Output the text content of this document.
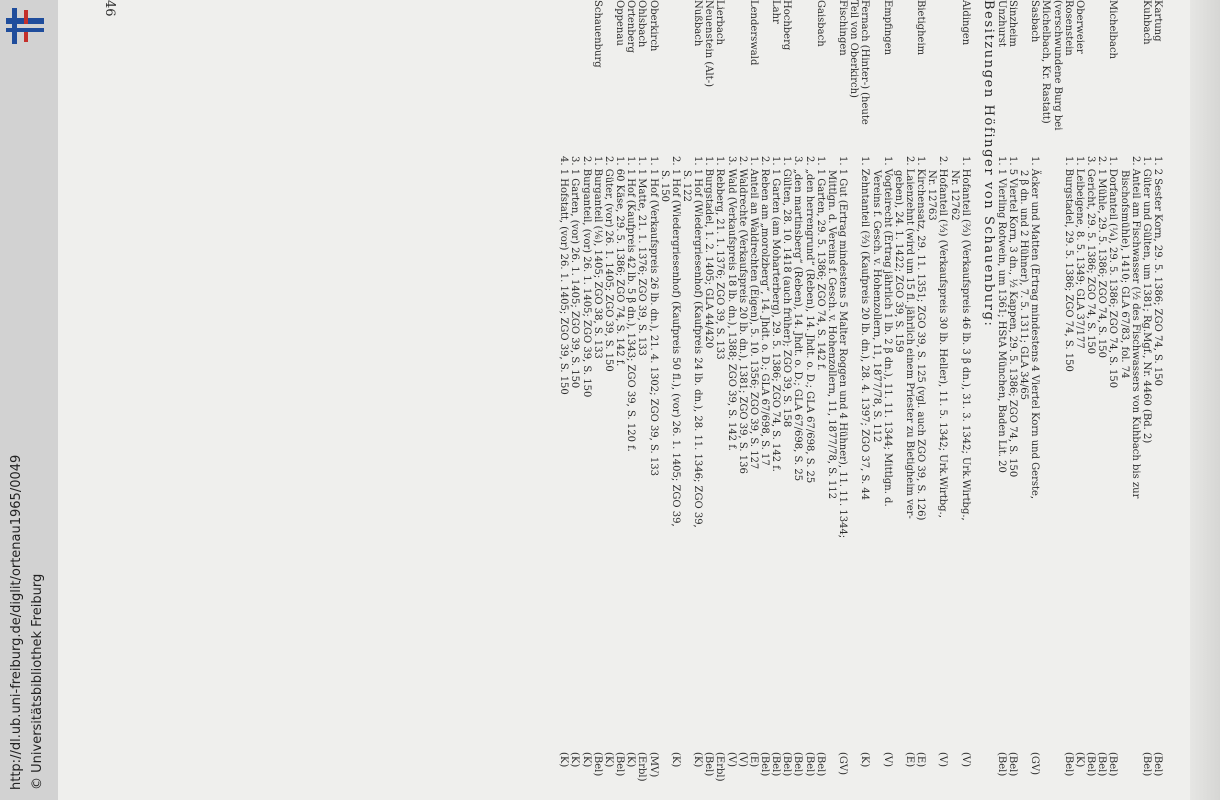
http://dl.ub.uni-freiburg.de/diglit/ortenau1965/0049 © Universitätsbibliothek Freiburg
Besitzungen Höfinger von Schauenburg:
46	Kartung
1. 2 Sester Korn, 29. 5. 1386; ZGO 74, S. 150
(Bel)
Kuhbach
1. Güter und Gülten, um 1381; Rg.Mgf., Nr. 4460 (Bd. 2)
(Bel)
2. Anteil am Fischwasser (½ des Fischwassers von Kuhbach bis zur
Bischofsmühle), 1410; GLA 67/83, fol. 74
Michelbach
1. Dorfanteil (¼), 29. 5. 1386; ZGO 74, S. 150
(Bel)
2. 1 Mühle, 29. 5. 1386; ZGO 74, S. 150
(Bel)
3. Gericht, 29. 5. 1386; ZGO 74, S. 150
(Bel)
Oberweier
1. Leibeigene, 8. 5. 1349; GLA 37/177
(K)
Rosenstein
1. Burgstadel, 29. 5. 1386; ZGO 74, S. 150
(Bel)
(verschwundene Burg bei
Michelbach, Kr. Rastatt)
Sasbach
1. Äcker und Matten (Ertrag mindestens 4 Viertel Korn und Gerste,
(GV)
2 β dn. und 2 Hühner), 7. 5. 1311; GLA 34/65
Sinzheim
1. 5 Viertel Korn, 3 dn., ½ Kappen, 29. 5. 1386; ZGO 74, S. 150
(Bel)
Unzhurst
1. 1 Vierling Rotwein, um 1361; HStA München, Baden Lit. 20
(Bel)
Aldingen
1. Hofanteil (⅔) (Verkaufspreis 46 lb. 3 β dn.), 31. 3. 1342; Urk.Wirtbg.,
(V)
Nr. 12762
2. Hofanteil (⅓) (Verkaufspreis 30 lb. Heller), 11. 5. 1342; Urk.Wirtbg.,
(V)
Nr. 12763
Bietigheim
1. Kirchensatz, 29. 11. 1351; ZGO 39, S. 125 (vgl. auch ZGO 39, S. 126)
(E)
2. Laienzehnt (wird um 15 fl. jährlich einem Priester zu Bietigheim ver-
(E)
geben), 24. 1. 1422; ZGO 39, S. 159
Empfingen
1. Vogteirecht (Ertrag jährlich 1 lb. 2 β dn.), 11. 11. 1344; Mittlgn. d.
(V)
Vereins f. Gesch. v. Hohenzollern, 11, 1877/78, S. 112
Fernach (Hinter-) (heute
1. Zehntanteil (⅔) (Kaufpreis 20 lb. dn.), 28. 4. 1397; ZGO 37, S. 44
(K)
Teil von Oberkirch)
Fischingen
1. 1 Gut (Ertrag mindestens 5 Malter Roggen und 4 Hühner), 11. 11. 1344;
(GV)
Mittlgn. d. Vereins f. Gesch. v. Hohenzollern, 11, 1877/78, S. 112
Gaisbach
1. 1 Garten, 29. 5. 1386; ZGO 74, S. 142 f.
(Bel)
2. „den herrengrund“ (Reben), 14. Jhdt. o. D.; GLA 67/698, S. 25
(Bel)
3. „den martinsberg“ (Reben), 14. Jhdt. o. D.; GLA 67/698, S. 25
(Bel)
Hochberg
1. Gülten, 28. 10. 1418 (auch früher); ZGO 39, S. 158
(Bel)
Lahr
1. 1 Garten (am Moharterberg), 29. 5. 1386; ZGO 74, S. 142 f.
(Bel)
2. Reben am „morolzberg“, 14. Jhdt. o. D.; GLA 67/698, S. 17
(Bel)
Lenderswald
1. Anteil an Waldrechten (Eigen), 5. 10. 1356; ZGO 39, S. 127
(E)
2. Waldrechte (Verkaufspreis 20 lb. dn.), 1381; ZGO 39, S. 136
(V)
3. Wald (Verkaufspreis 18 lb. dn.), 1388; ZGO 39, S. 142 f.
(V)
Lierbach
1. Rebberg, 21. 1. 1376; ZGO 39, S. 133
(Erbl)
Neuenstein (Alt-)
1. Burgstadel, 1. 2. 1405; GLA 44/420
(Bel)
Nußbach
1. 1 Hof (Wiedergriesenhof) (Kaufpreis 24 lb. dn.), 28. 11. 1346; ZGO 39,
(K)
S. 122
2. 1 Hof (Wiedergriesenhof) (Kaufpreis 50 fl.), (vor) 26. 1. 1405; ZGO 39,
(K)
S. 150
Oberkirch
1. 1 Hof (Verkaufspreis 26 lb. dn.), 21. 4. 1302; ZGO 39, S. 133
(MV)
Ohlsbach
1. 1 Matte, 21. 1. 1376; ZGO 39, S. 133
(Erbl)
Ortenberg
1. 1 Hof (Kaufpreis 42 lb. 5 β dn.), 1343; ZGO 39, S. 120 f.
(K)
Oppenau
1. 60 Käse, 29. 5. 1386; ZGO 74, S. 142 f.
(Bel)
2. Güter, (vor) 26. 1. 1405; ZGO 39, S. 150
(K)
Schauenburg
1. Burganteil (⅙), 1405; ZGO 38, S. 133
(Bel)
2. Burganteil, (vor) 26. 1. 1405; ZGO 39, S. 150
(K)
3. 1 Garten, (vor) 26. 1. 1405; ZGO 39, S. 150
(K)
4. 1 Hofstatt, (vor) 26. 1. 1405; ZGO 39, S. 150
(K)
